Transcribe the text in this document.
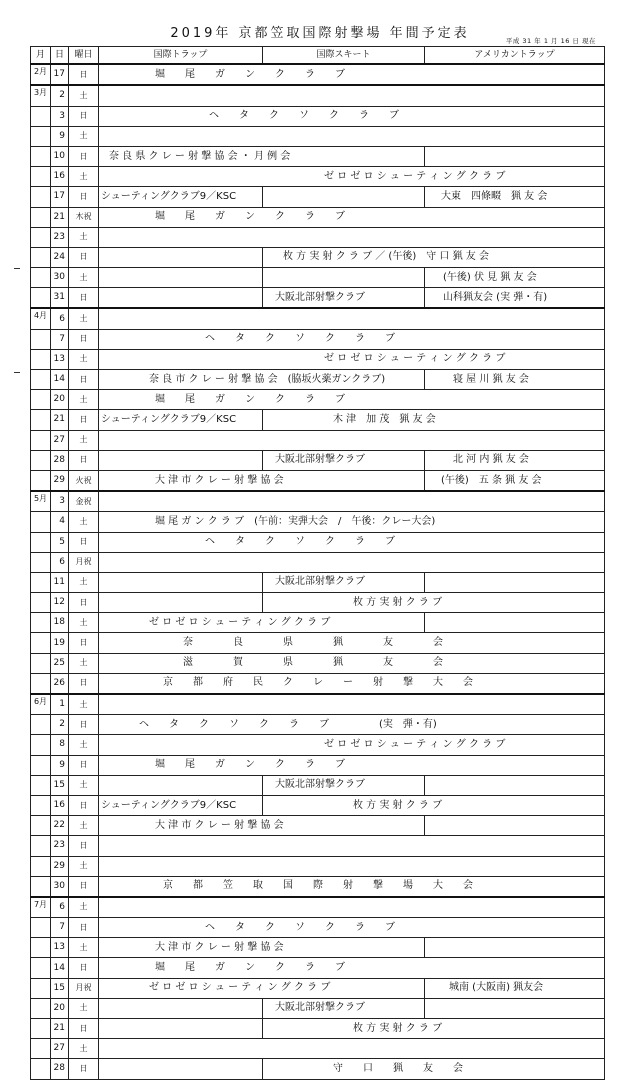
2019年 京都笠取国際射撃場 年間予定表	平成 31 年 1 月 16 日 現在
月	日	曜日	国際トラップ	国際スキート	アメリカントラップ
2月	17	日	堀　　尾　　ガ　　ン　　ク　　ラ　　ブ		
3月	2	土			
	3	日	ヘ　　タ　　ク　　ソ　　ク　　ラ　　ブ		
	9	土			
	10	日	奈 良 県 ク レ ー 射 撃 協 会 ・ 月 例 会		
	16	土	ゼ ロ ゼ ロ シ ュ ー テ ィ ン グ ク ラ ブ		
	17	日	シューティングクラブ9／KSC		大東　四條畷　猟 友 会
	21	木祝	堀　　尾　　ガ　　ン　　ク　　ラ　　ブ		
	23	土			
	24	日		枚 方 実 射 ク ラ ブ ／ (午後)　守 口 猟 友 会	
	30	土			(午後) 伏 見 猟 友 会
	31	日		大阪北部射撃クラブ	山科猟友会 (実 弾・有)
4月	6	土			
	7	日	ヘ　　タ　　ク　　ソ　　ク　　ラ　　ブ		
	13	土	ゼ ロ ゼ ロ シ ュ ー テ ィ ン グ ク ラ ブ		
	14	日	奈 良 市 ク レ ー 射 撃 協 会　(脇坂火薬ガンクラブ)		寝 屋 川 猟 友 会
	20	土	堀　　尾　　ガ　　ン　　ク　　ラ　　ブ		
	21	日	シューティングクラブ9／KSC	木 津　加 茂　猟 友 会	
	27	土			
	28	日		大阪北部射撃クラブ	北 河 内 猟 友 会
	29	火祝	大 津 市 ク レ ー 射 撃 協 会		(午後)　五 条 猟 友 会
5月	3	金祝			
	4	土	堀 尾 ガ ン ク ラ ブ　(午前：実弾大会　/　午後：クレー大会)		
	5	日	ヘ　　タ　　ク　　ソ　　ク　　ラ　　ブ		
	6	月祝			
	11	土		大阪北部射撃クラブ	
	12	日		枚 方 実 射 ク ラ ブ	
	18	土	ゼ ロ ゼ ロ シ ュ ー テ ィ ン グ ク ラ ブ		
	19	日	奈　　　　良　　　　県　　　　猟　　　　友　　　　会		
	25	土	滋　　　　賀　　　　県　　　　猟　　　　友　　　　会		
	26	日	京　　都　　府　　民　　ク　　レ　　ー　　射　　撃　　大　　会		
6月	1	土			
	2	日	ヘ　　タ　　ク　　ソ　　ク　　ラ　　ブ　　　　　(実　弾・有)		
	8	土	ゼ ロ ゼ ロ シ ュ ー テ ィ ン グ ク ラ ブ		
	9	日	堀　　尾　　ガ　　ン　　ク　　ラ　　ブ		
	15	土		大阪北部射撃クラブ	
	16	日	シューティングクラブ9／KSC	枚 方 実 射 ク ラ ブ	
	22	土	大 津 市 ク レ ー 射 撃 協 会		
	23	日			
	29	土			
	30	日	京　　都　　笠　　取　　国　　際　　射　　撃　　場　　大　　会		
7月	6	土			
	7	日	ヘ　　タ　　ク　　ソ　　ク　　ラ　　ブ		
	13	土	大 津 市 ク レ ー 射 撃 協 会		
	14	日	堀　　尾　　ガ　　ン　　ク　　ラ　　ブ		
	15	月祝	ゼ ロ ゼ ロ シ ュ ー テ ィ ン グ ク ラ ブ		城南 (大阪南) 猟友会
	20	土		大阪北部射撃クラブ	
	21	日		枚 方 実 射 ク ラ ブ	
	27	土			
	28	日		守　　口　　猟　　友　　会	
